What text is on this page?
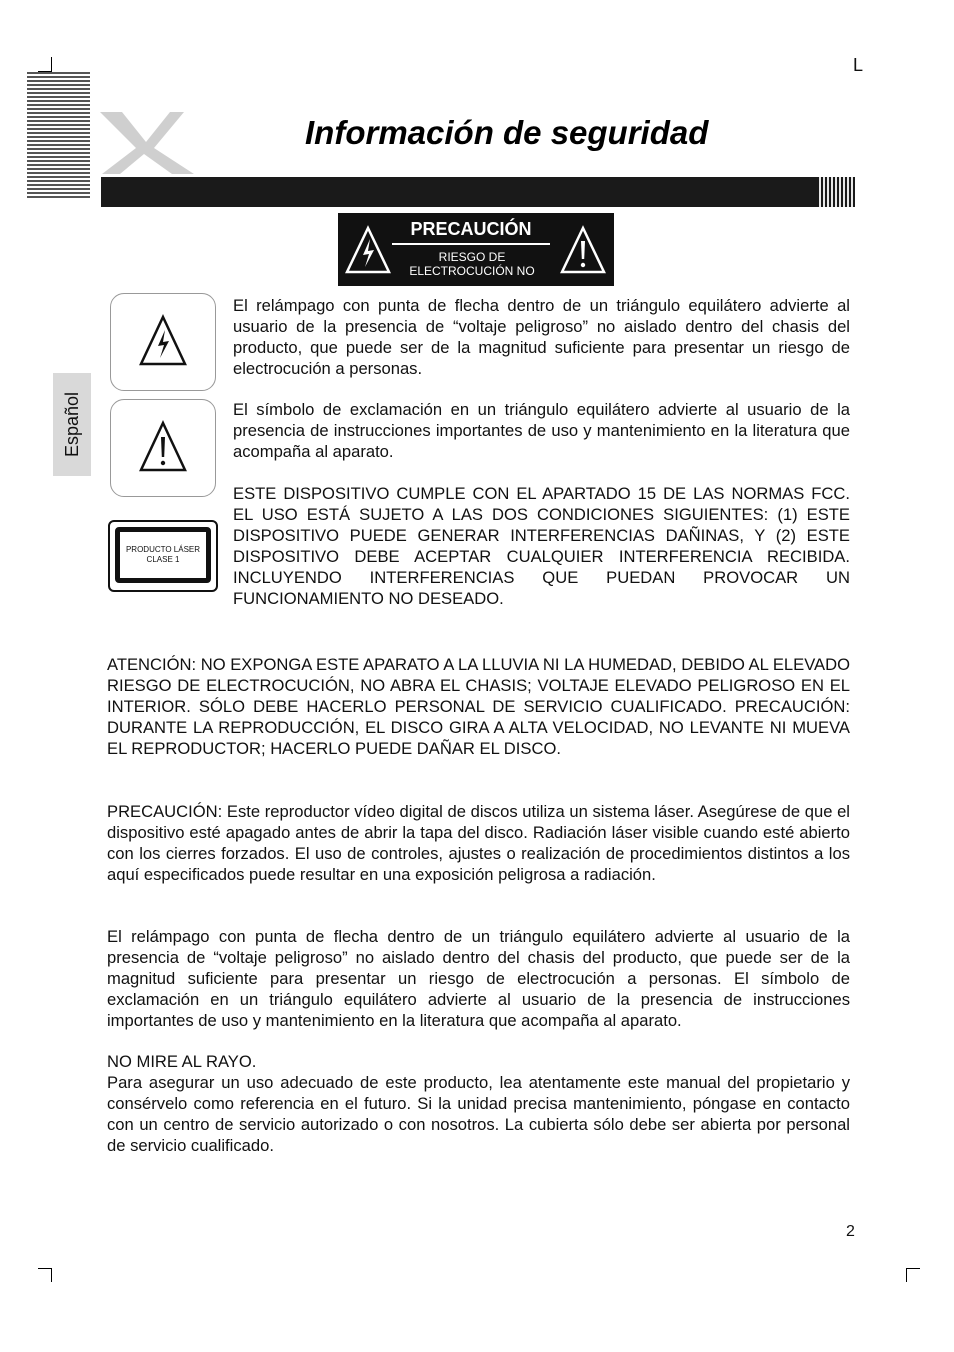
L
Información de seguridad
PRECAUCIÓN
RIESGO DE ELECTROCUCIÓN NO
Español
PRODUCTO LÁSER CLASE 1

El relámpago con punta de flecha dentro de un triángulo equilátero advierte al usuario de la presencia de “voltaje peligroso” no aislado dentro del chasis del producto, que puede ser de la magnitud suficiente para presentar un riesgo de electrocución a personas.

El símbolo de exclamación en un triángulo equilátero advierte al usuario de la presencia de instrucciones importantes de uso y mantenimiento en la literatura que acompaña al aparato.

ESTE DISPOSITIVO CUMPLE CON EL APARTADO 15 DE LAS NORMAS FCC. EL USO ESTÁ SUJETO A LAS DOS CONDICIONES SIGUIENTES: (1) ESTE DISPOSITIVO PUEDE GENERAR INTERFERENCIAS DAÑINAS, Y (2) ESTE DISPOSITIVO DEBE ACEPTAR CUALQUIER INTERFERENCIA RECIBIDA. INCLUYENDO INTERFERENCIAS QUE PUEDAN PROVOCAR UN FUNCIONAMIENTO NO DESEADO.

ATENCIÓN: NO EXPONGA ESTE APARATO A LA LLUVIA NI LA HUMEDAD, DEBIDO AL ELEVADO RIESGO DE ELECTROCUCIÓN, NO ABRA EL CHASIS; VOLTAJE ELEVADO PELIGROSO EN EL INTERIOR. SÓLO DEBE HACERLO PERSONAL DE SERVICIO CUALIFICADO. PRECAUCIÓN: DURANTE LA REPRODUCCIÓN, EL DISCO GIRA A ALTA VELOCIDAD, NO LEVANTE NI MUEVA EL REPRODUCTOR; HACERLO PUEDE DAÑAR EL DISCO.

PRECAUCIÓN: Este reproductor vídeo digital de discos utiliza un sistema láser. Asegúrese de que el dispositivo esté apagado antes de abrir la tapa del disco. Radiación láser visible cuando esté abierto con los cierres forzados. El uso de controles, ajustes o realización de procedimientos distintos a los aquí especificados puede resultar en una exposición peligrosa a radiación.

El relámpago con punta de flecha dentro de un triángulo equilátero advierte al usuario de la presencia de “voltaje peligroso” no aislado dentro del chasis del producto, que puede ser de la magnitud suficiente para presentar un riesgo de electrocución a personas. El símbolo de exclamación en un triángulo equilátero advierte al usuario de la presencia de instrucciones importantes de uso y mantenimiento en la literatura que acompaña al aparato.

NO MIRE AL RAYO.
Para asegurar un uso adecuado de este producto, lea atentamente este manual del propietario y consérvelo como referencia en el futuro. Si la unidad precisa mantenimiento, póngase en contacto con un centro de servicio autorizado o con nosotros. La cubierta sólo debe ser abierta por personal de servicio cualificado.
2
